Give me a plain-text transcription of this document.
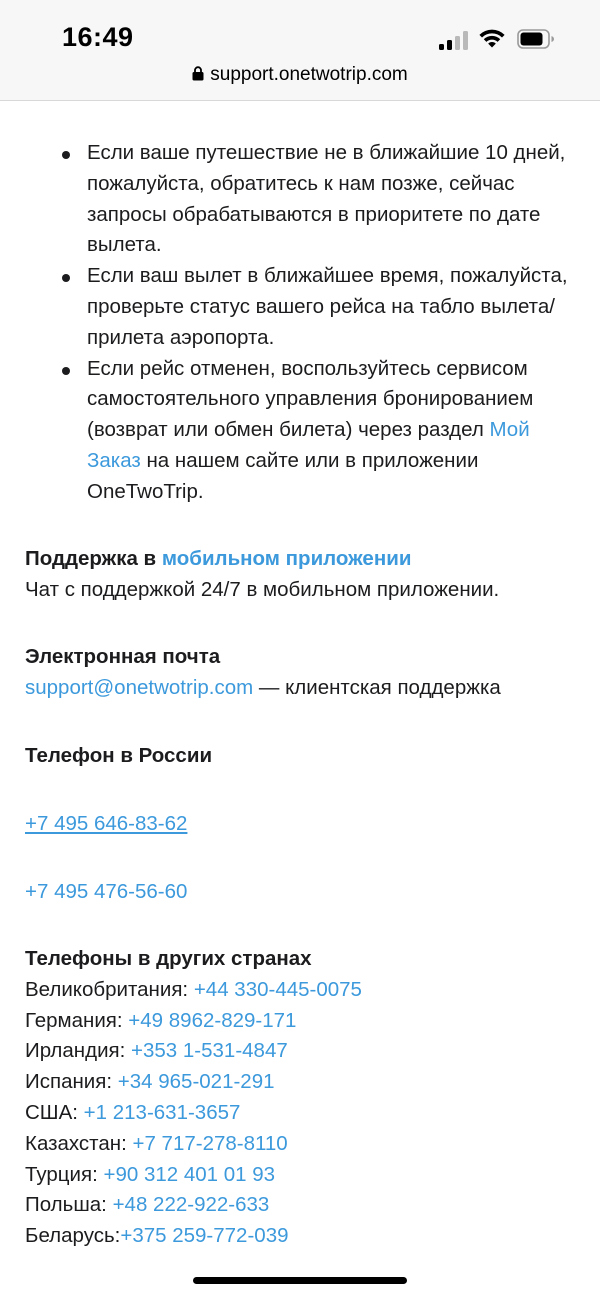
16:49
support.onetwotrip.com
Если ваше путешествие не в ближайшие 10 дней, пожалуйста, обратитесь к нам позже, сейчас запросы обрабатываются в приоритете по дате вылета.
Если ваш вылет в ближайшее время, пожалуйста, проверьте статус вашего рейса на табло вылета/прилета аэропорта.
Если рейс отменен, воспользуйтесь сервисом самостоятельного управления бронированием (возврат или обмен билета) через раздел Мой Заказ на нашем сайте или в приложении OneTwoTrip.
Поддержка в мобильном приложении
Чат с поддержкой 24/7 в мобильном приложении.
Электронная почта
support@onetwotrip.com — клиентская поддержка
Телефон в России
+7 495 646-83-62
+7 495 476-56-60
Телефоны в других странах
Великобритания: +44 330-445-0075
Германия: +49 8962-829-171
Ирландия: +353 1-531-4847
Испания: +34 965-021-291
США: +1 213-631-3657
Казахстан: +7 717-278-8110
Турция: +90 312 401 01 93
Польша: +48 222-922-633
Беларусь:+375 259-772-039
